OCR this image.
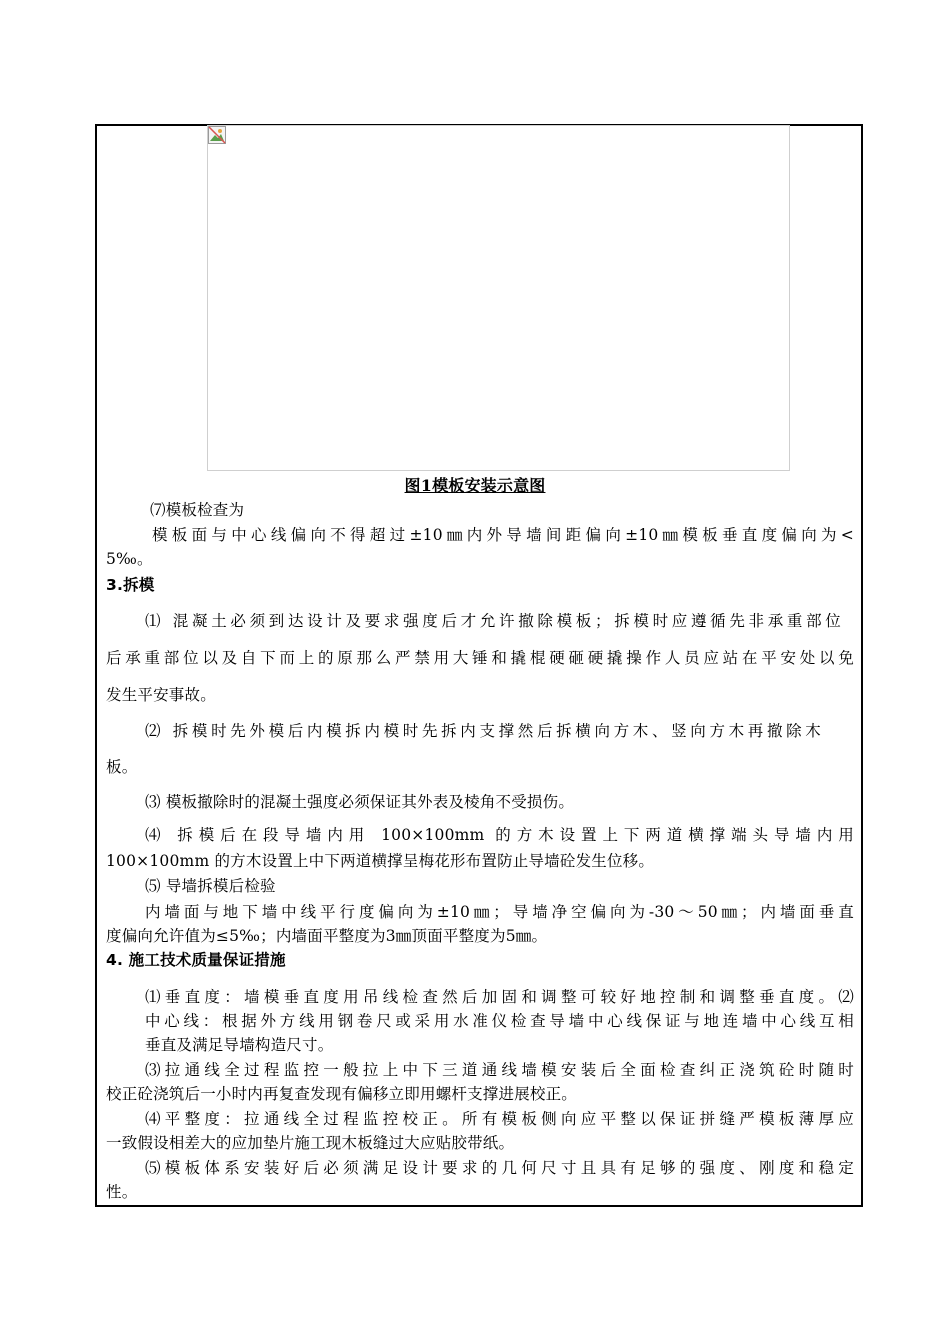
图1模板安装示意图
⑺模板检查为
模板面与中心线偏向不得超过±10㎜内外导墙间距偏向±10㎜模板垂直度偏向为<
5‰。
3.拆模
⑴ 混凝土必须到达设计及要求强度后才允许撤除模板；拆模时应遵循先非承重部位
后承重部位以及自下而上的原那么严禁用大锤和撬棍硬砸硬撬操作人员应站在平安处以免
发生平安事故。
⑵ 拆模时先外模后内模拆内模时先拆内支撑然后拆横向方木、竖向方木再撤除木
板。
⑶ 模板撤除时的混凝土强度必须保证其外表及棱角不受损伤。
⑷ 拆模后在段导墙内用 100×100mm 的方木设置上下两道横撑端头导墙内用
100×100mm 的方木设置上中下两道横撑呈梅花形布置防止导墙砼发生位移。
⑸ 导墙拆模后检验
内墙面与地下墙中线平行度偏向为±10㎜；导墙净空偏向为-30～50㎜；内墙面垂直
度偏向允许值为≤5‰；内墙面平整度为3㎜顶面平整度为5㎜。
4. 施工技术质量保证措施
⑴垂直度：墙模垂直度用吊线检查然后加固和调整可较好地控制和调整垂直度。⑵
中心线：根据外方线用钢卷尺或采用水准仪检查导墙中心线保证与地连墙中心线互相
垂直及满足导墙构造尺寸。
⑶拉通线全过程监控一般拉上中下三道通线墙模安装后全面检查纠正浇筑砼时随时
校正砼浇筑后一小时内再复查发现有偏移立即用螺杆支撑进展校正。
⑷平整度：拉通线全过程监控校正。所有模板侧向应平整以保证拼缝严模板薄厚应
一致假设相差大的应加垫片施工现木板缝过大应贴胶带纸。
⑸模板体系安装好后必须满足设计要求的几何尺寸且具有足够的强度、刚度和稳定
性。
